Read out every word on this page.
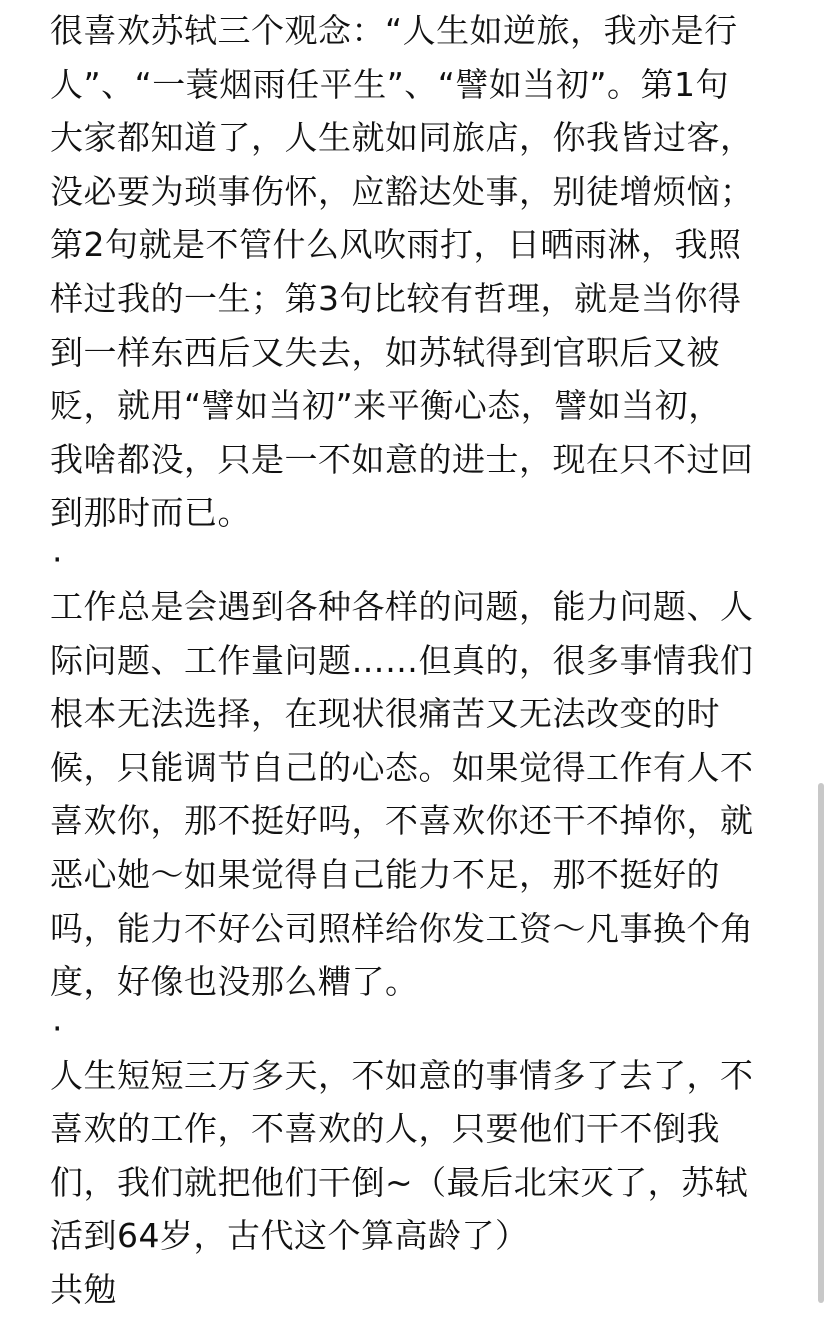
很喜欢苏轼三个观念：“人生如逆旅，我亦是行
人”、“一蓑烟雨任平生”、“譬如当初”。第1句
大家都知道了，人生就如同旅店，你我皆过客，
没必要为琐事伤怀，应豁达处事，别徒增烦恼；
第2句就是不管什么风吹雨打，日晒雨淋，我照
样过我的一生；第3句比较有哲理，就是当你得
到一样东西后又失去，如苏轼得到官职后又被
贬，就用“譬如当初”来平衡心态，譬如当初，
我啥都没，只是一不如意的进士，现在只不过回
到那时而已。
·
工作总是会遇到各种各样的问题，能力问题、人
际问题、工作量问题……但真的，很多事情我们
根本无法选择，在现状很痛苦又无法改变的时
候，只能调节自己的心态。如果觉得工作有人不
喜欢你，那不挺好吗，不喜欢你还干不掉你，就
恶心她～如果觉得自己能力不足，那不挺好的
吗，能力不好公司照样给你发工资～凡事换个角
度，好像也没那么糟了。
·
人生短短三万多天，不如意的事情多了去了，不
喜欢的工作，不喜欢的人，只要他们干不倒我
们，我们就把他们干倒~（最后北宋灭了，苏轼
活到64岁，古代这个算高龄了）
共勉
